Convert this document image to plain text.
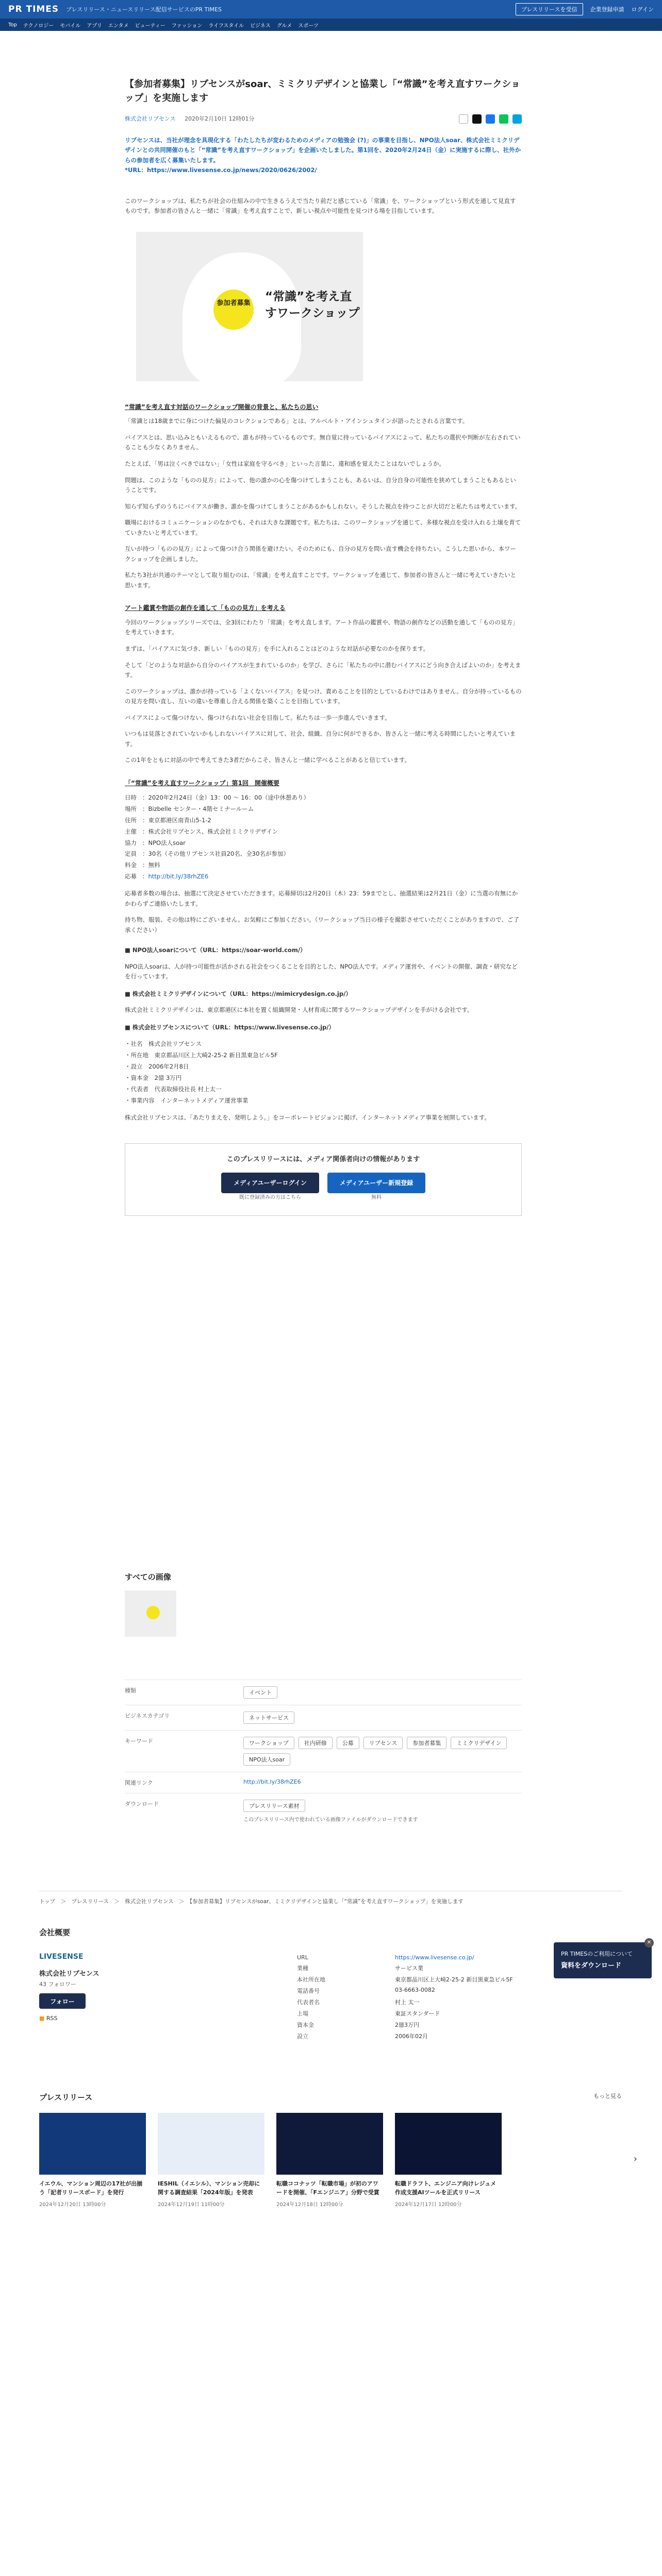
PR TIMES プレスリリース・ニュースリリース配信サービスのPR TIMES	プレスリリースを受信	企業登録申請 ログイン
Top テクノロジー モバイル アプリ エンタメ ビューティー ファッション ライフスタイル ビジネス グルメ スポーツ
【参加者募集】リブセンスがsoar、ミミクリデザインと協業し「“常識”を考え直すワークショップ」を実施します
株式会社リブセンス 2020年2月10日 12時01分
リブセンスは、当社が理念を具現化する「わたしたちが変わるためのメディアの勉強会 (?)」の事業を目指し、NPO法人soar、株式会社ミミクリデザインとの共同開催のもと「“常識”を考え直すワークショップ」を企画いたしました。第1回を、2020年2月24日（金）に実施するに際し、社外からの参加者を広く募集いたします。
*URL：https://www.livesense.co.jp/news/2020/0626/2002/
このワークショップは、私たちが社会の仕組みの中で生きるうえで当たり前だと感じている「常識」を、ワークショップという形式を通して見直すものです。参加者の皆さんと一緒に「常識」を考え直すことで、新しい視点や可能性を見つける場を目指しています。
参加者募集 “常識”を考え直すワークショップ
“常識”を考え直す対話のワークショップ開催の背景と、私たちの思い
「常識とは18歳までに身につけた偏見のコレクションである」とは、アルベルト・アインシュタインが語ったとされる言葉です。
バイアスとは、思い込みともいえるもので、誰もが持っているものです。無自覚に持っているバイアスによって、私たちの選択や判断が左右されていることも少なくありません。
たとえば、「男は泣くべきではない」「女性は家庭を守るべき」といった言葉に、違和感を覚えたことはないでしょうか。
問題は、このような「ものの見方」によって、他の誰かの心を傷つけてしまうことも、あるいは、自分自身の可能性を狭めてしまうこともあるということです。
知らず知らずのうちにバイアスが働き、誰かを傷つけてしまうことがあるかもしれない。そうした視点を持つことが大切だと私たちは考えています。
職場におけるコミュニケーションのなかでも、それは大きな課題です。私たちは、このワークショップを通じて、多様な視点を受け入れる土壌を育てていきたいと考えています。
互いが持つ「ものの見方」によって傷つけ合う関係を避けたい。そのためにも、自分の見方を問い直す機会を持ちたい。こうした思いから、本ワークショップを企画しました。
私たち3社が共通のテーマとして取り組むのは、「常識」を考え直すことです。ワークショップを通じて、参加者の皆さんと一緒に考えていきたいと思います。
アート鑑賞や物語の創作を通して「ものの見方」を考える
今回のワークショップシリーズでは、全3回にわたり「常識」を考え直します。アート作品の鑑賞や、物語の創作などの活動を通して「ものの見方」を考えていきます。
まずは、「バイアスに気づき、新しい「ものの見方」を手に入れることはどのような対話が必要なのかを探ります。
そして「どのような対話から自分のバイアスが生まれているのか」を学び、さらに「私たちの中に潜むバイアスにどう向き合えばよいのか」を考えます。
このワークショップは、誰かが持っている「よくないバイアス」を見つけ、責めることを目的としているわけではありません。自分が持っているものの見方を問い直し、互いの違いを尊重し合える関係を築くことを目指しています。
バイアスによって傷つけない、傷つけられない社会を目指して。私たちは一歩一歩進んでいきます。
いつもは見落とされていないかもしれないバイアスに対して、社会、組織、自分に何ができるか、皆さんと一緒に考える時間にしたいと考えています。
この1年をともに対話の中で考えてきた3者だからこそ、皆さんと一緒に学べることがあると信じています。
「“常識”を考え直すワークショップ」第1回　開催概要
日時 ：2020年2月24日（金）13：00 ～ 16：00（途中休憩あり）
場所 ：Bizbelle センター・4階セミナールーム
住所 ：東京都港区南青山5-1-2
主催 ：株式会社リブセンス、株式会社ミミクリデザイン
協力 ：NPO法人soar
定員 ：30名（その他リブセンス社員20名、全30名が参加）
料金 ：無料
応募 ：http://bit.ly/38rhZE6
応募者多数の場合は、抽選にて決定させていただきます。応募締切は2月20日（木）23：59までとし、抽選結果は2月21日（金）に当選の有無にかかわらずご連絡いたします。
持ち物、服装、その他は特にございません。お気軽にご参加ください。（ワークショップ当日の様子を撮影させていただくことがありますので、ご了承ください）
■ NPO法人soarについて（URL：https://soar-world.com/）
NPO法人soarは、人が持つ可能性が活かされる社会をつくることを目的とした、NPO法人です。メディア運営や、イベントの開催、調査・研究などを行っています。
■ 株式会社ミミクリデザインについて（URL：https://mimicrydesign.co.jp/）
株式会社ミミクリデザインは、東京都港区に本社を置く組織開発・人材育成に関するワークショップデザインを手がける会社です。
■ 株式会社リブセンスについて（URL：https://www.livesense.co.jp/）
・社名　 株式会社リブセンス
・所在地　 東京都品川区上大崎2-25-2 新目黒東急ビル5F
・設立　 2006年2月8日
・資本金　 2億 3万円
・代表者　 代表取締役社長 村上太一
・事業内容　 インターネットメディア運営事業
株式会社リブセンスは、「あたりまえを、発明しよう。」をコーポレートビジョンに掲げ、インターネットメディア事業を展開しています。
このプレスリリースには、メディア関係者向けの情報があります
メディアユーザーログイン
既に登録済みの方はこちら
メディアユーザー新規登録
無料
✕
PR TIMESのご利用について
資料をダウンロード
すべての画像
種類	イベント
ビジネスカテゴリ	ネットサービス
キーワード	ワークショップ	社内研修	公募	リブセンス	参加者募集	ミミクリデザイン
NPO法人soar
関連リンク	http://bit.ly/38rhZE6
ダウンロード	プレスリリース素材
このプレスリリース内で使われている画像ファイルがダウンロードできます
トップ　＞　プレスリリース　＞　株式会社リブセンス　＞　【参加者募集】リブセンスがsoar、ミミクリデザインと協業し「“常識”を考え直すワークショップ」を実施します
会社概要
LIVESENSE
株式会社リブセンス
43 フォロワー
フォロー
■ RSS
URL	https://www.livesense.co.jp/
業種	サービス業
本社所在地	東京都品川区上大崎2-25-2 新目黒東急ビル5F
電話番号	03-6663-0082
代表者名	村上 太一
上場	東証スタンダード
資本金	2億3万円
設立	2006年02月
プレスリリース	もっと見る
イエウル、マンション周辺の17社が出揃う「記者リリースボード」を発行
2024年12月20日 13時00分
IESHIL（イエシル）、マンション売却に関する調査結果「2024年版」を発表
2024年12月19日 11時00分
転職ココナッツ「転職市場」が初のアワードを開催、「Fエンジニア」分野で受賞
2024年12月18日 12時00分
転職ドラフト、エンジニア向けレジュメ作成支援AIツールを正式リリース
2024年12月17日 12時00分
›
